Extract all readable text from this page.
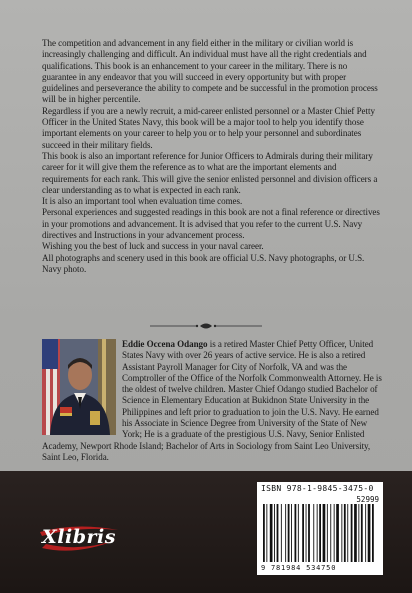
The competition and advancement in any field either in the military or civilian world is increasingly challenging and difficult. An individual must have all the right credentials and qualifications. This book is an enhancement to your career in the military. There is no guarantee in any endeavor that you will succeed in every opportunity but with proper guidelines and perseverance the ability to compete and be successful in the promotion process will be in higher percentile.

Regardless if you are a newly recruit, a mid-career enlisted personnel or a Master Chief Petty Officer in the United States Navy, this book will be a major tool to help you identify those important elements on your career to help you or to help your personnel and subordinates succeed in their military fields.

This book is also an important reference for Junior Officers to Admirals during their military career for it will give them the reference as to what are the important elements and requirements for each rank. This will give the senior enlisted personnel and division officers a clear understanding as to what is expected in each rank.

It is also an important tool when evaluation time comes.

Personal experiences and suggested readings in this book are not a final reference or directives in your promotions and advancement. It is advised that you refer to the current U.S. Navy directives and Instructions in your advancement process.

Wishing you the best of luck and success in your naval career.

All photographs and scenery used in this book are official U.S. Navy photographs, or U.S. Navy photo.

Eddie Occena Odango is a retired Master Chief Petty Officer, United States Navy with over 26 years of active service. He is also a retired Assistant Payroll Manager for City of Norfolk, VA and was the Comptroller of the Office of the Norfolk Commonwealth Attorney. He is the oldest of twelve children. Master Chief Odango studied Bachelor of Science in Elementary Education at Bukidnon State University in the Philippines and left prior to graduation to join the U.S. Navy. He earned his Associate in Science Degree from University of the State of New York; He is a graduate of the prestigious U.S. Navy, Senior Enlisted Academy, Newport Rhode Island; Bachelor of Arts in Sociology from Saint Leo University, Saint Leo, Florida.
Xlibris
ISBN 978-1-9845-3475-0
52999
9 781984 534750
